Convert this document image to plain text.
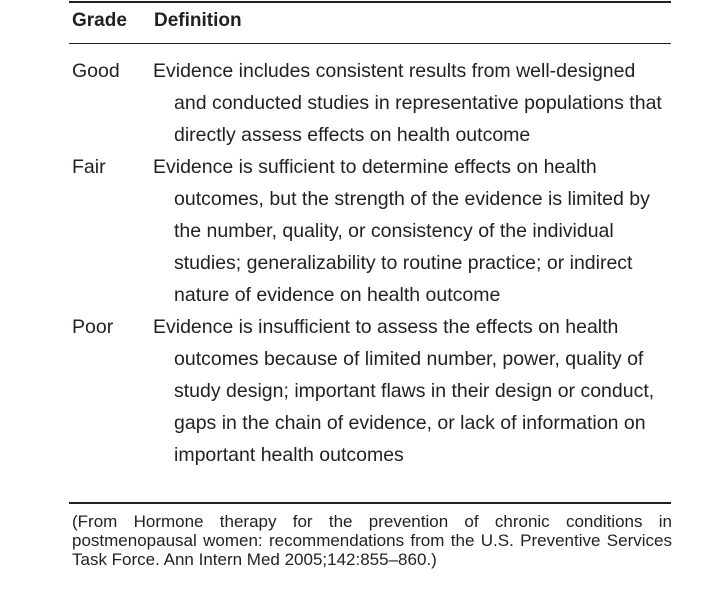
Grade Definition
Good Evidence includes consistent results from well-designed and conducted studies in representative populations that directly assess effects on health outcome
Fair Evidence is sufficient to determine effects on health outcomes, but the strength of the evidence is limited by the number, quality, or consistency of the individual studies; generalizability to routine practice; or indirect nature of evidence on health outcome
Poor Evidence is insufficient to assess the effects on health outcomes because of limited number, power, quality of study design; important flaws in their design or conduct, gaps in the chain of evidence, or lack of information on important health outcomes
(From Hormone therapy for the prevention of chronic conditions in postmenopausal women: recommendations from the U.S. Preventive Services Task Force. Ann Intern Med 2005;142:855–860.)
